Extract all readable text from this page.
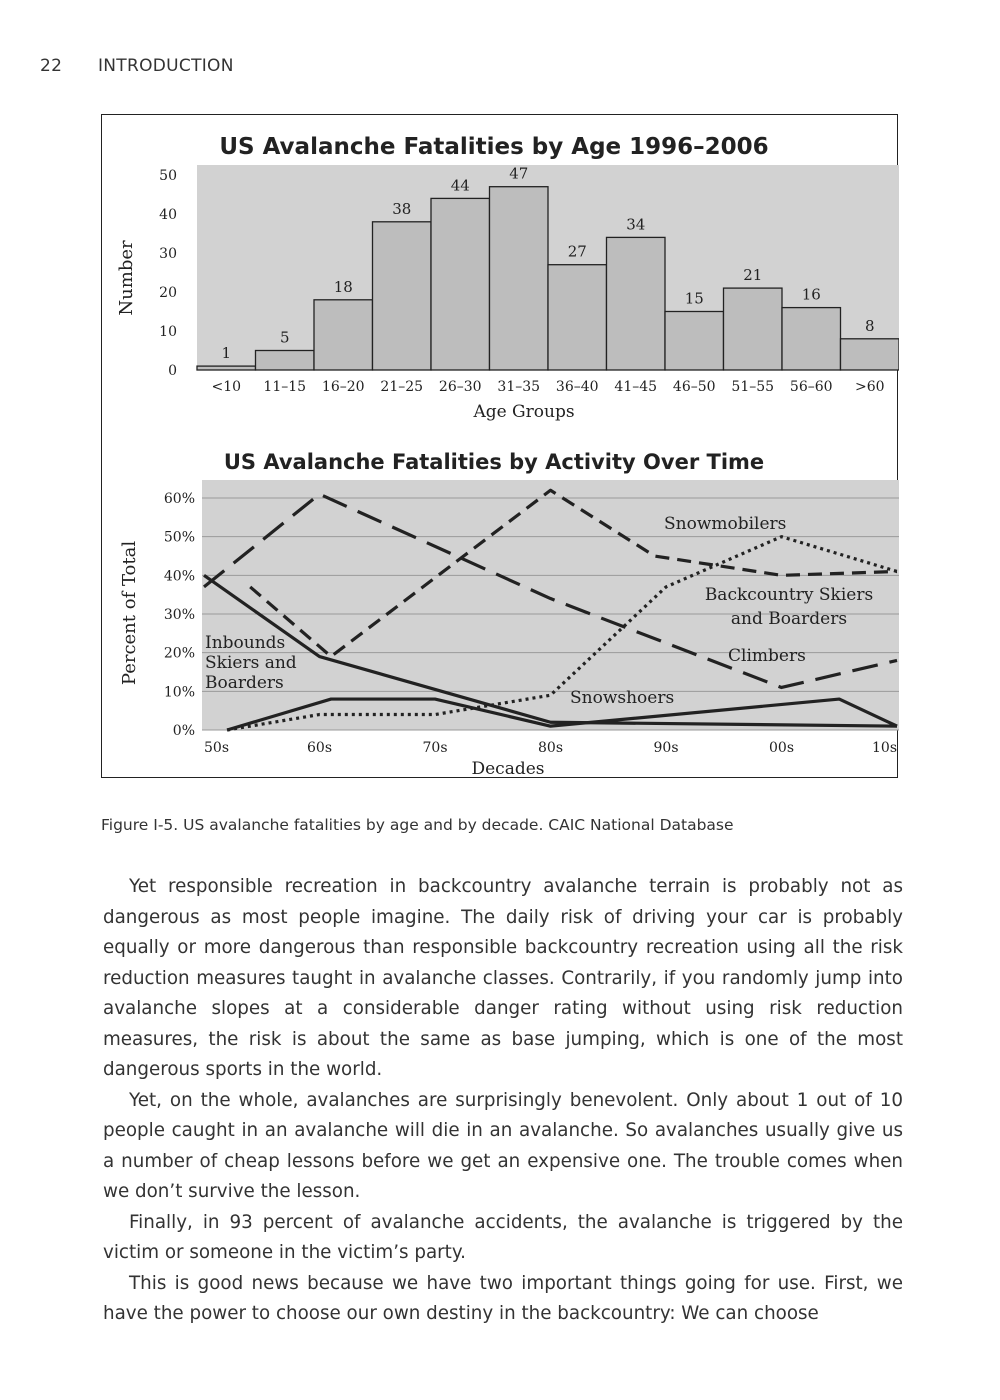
22 INTRODUCTION
US Avalanche Fatalities by Age 1996–2006
0
10
20
30
40
50
1
5
18
38
44
47
27
34
15
21
16
8
<10 11–15 16–20 21–25 26–30 31–35 36–40 41–45 46–50 51–55 56–60 >60
Number
Age Groups
US Avalanche Fatalities by Activity Over Time
0%
10%
20%
30%
40%
50%
60%
50s	60s	70s	80s	90s	00s	10s
Percent of Total
Decades
Snowmobilers
Backcountry Skiers
and Boarders
Climbers
Inbounds
Skiers and
Boarders
Snowshoers
Figure I-5. US avalanche fatalities by age and by decade. CAIC National Database

Yet responsible recreation in backcountry avalanche terrain is probably not as dangerous as most people imagine. The daily risk of driving your car is probably equally or more dangerous than responsible backcountry recreation using all the risk reduction measures taught in avalanche classes. Contrarily, if you randomly jump into avalanche slopes at a considerable danger rating without using risk reduction measures, the risk is about the same as base jumping, which is one of the most dangerous sports in the world.

Yet, on the whole, avalanches are surprisingly benevolent. Only about 1 out of 10 people caught in an avalanche will die in an avalanche. So avalanches usually give us a number of cheap lessons before we get an expensive one. The trouble comes when we don’t survive the lesson.

Finally, in 93 percent of avalanche accidents, the avalanche is triggered by the victim or someone in the victim’s party.

This is good news because we have two important things going for use. First, we have the power to choose our own destiny in the backcountry: We can choose
